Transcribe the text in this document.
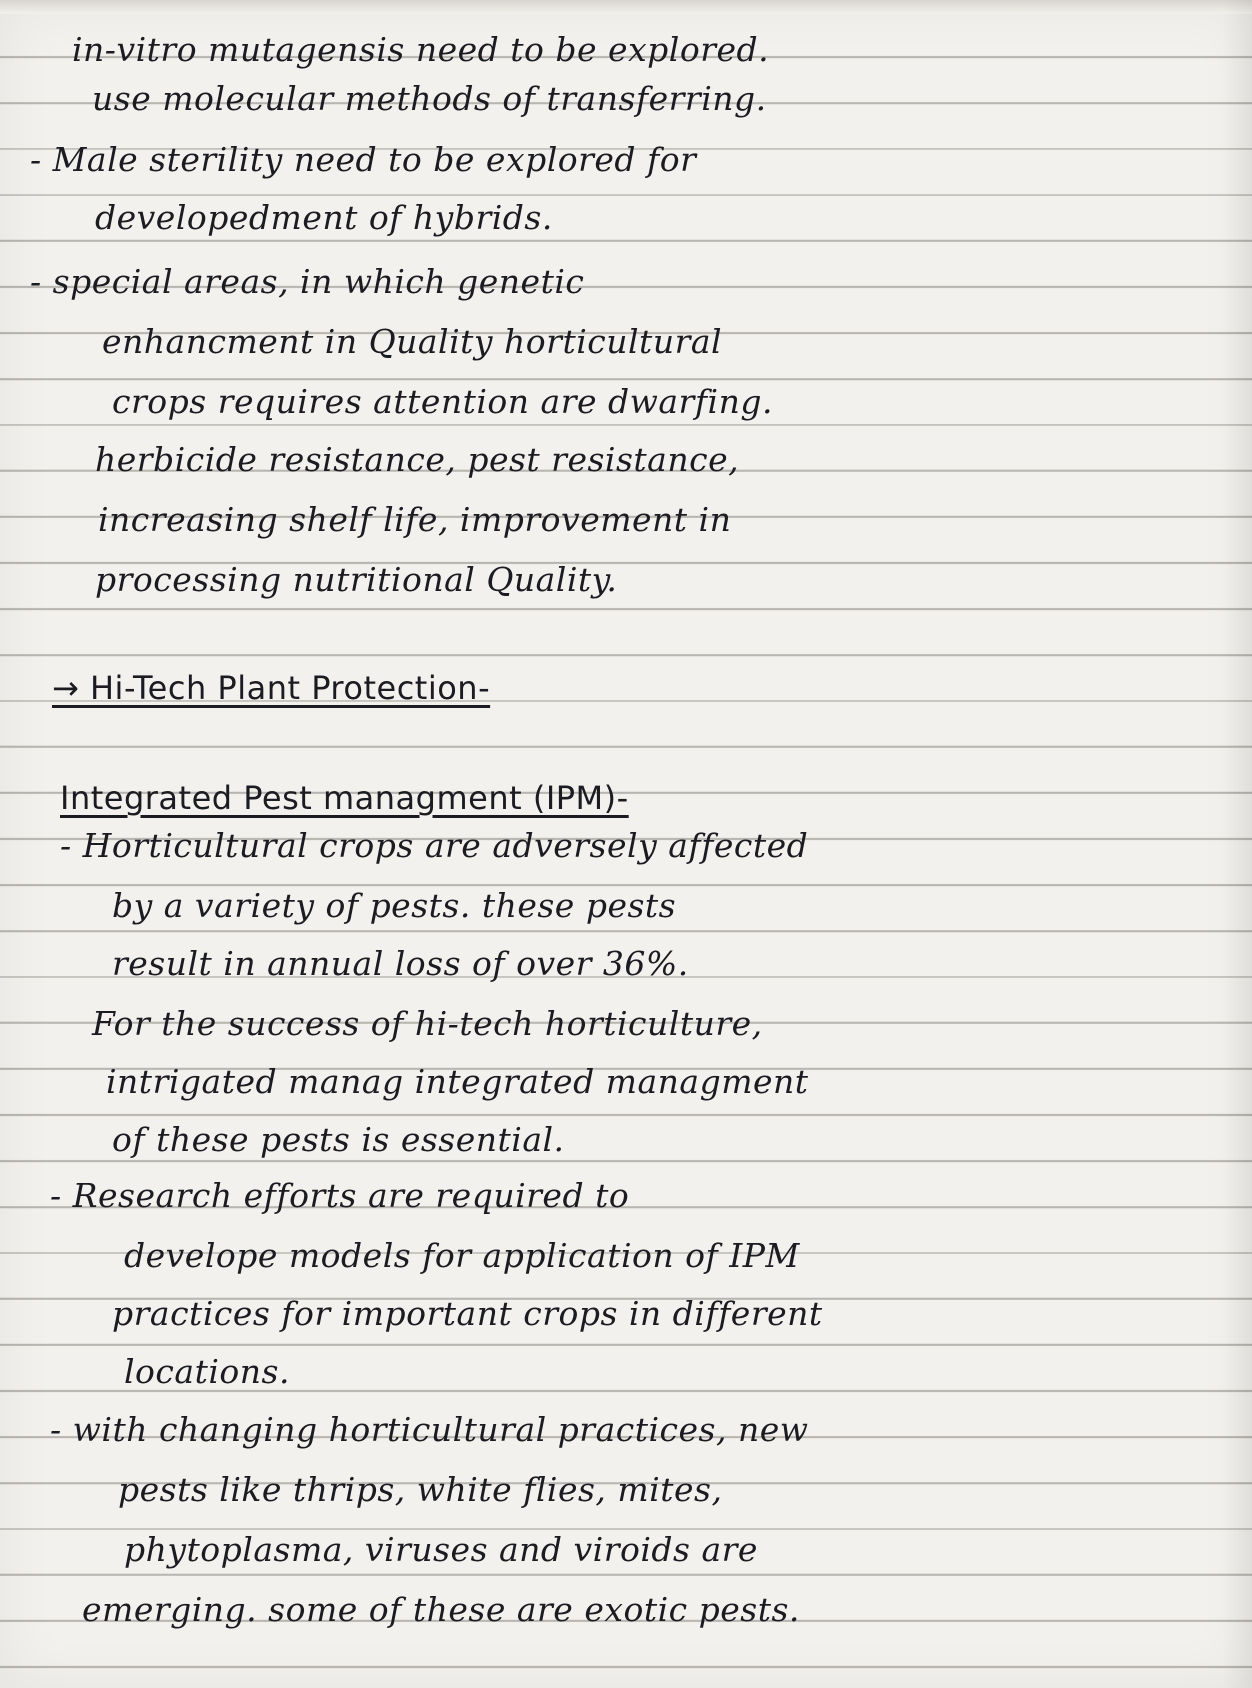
in-vitro mutagensis need to be explored.
use molecular methods of transferring.
- Male sterility need to be explored for
developedment of hybrids.
- special areas, in which genetic
enhancment in Quality horticultural
crops requires attention are dwarfing.
herbicide resistance, pest resistance,
increasing shelf life, improvement in
processing nutritional Quality.
→ Hi-Tech Plant Protection-
Integrated Pest managment (IPM)-
- Horticultural crops are adversely affected
by a variety of pests. these pests
result in annual loss of over 36%.
For the success of hi-tech horticulture,
intrigated manag integrated managment
of these pests is essential.
- Research efforts are required to
develope models for application of IPM
practices for important crops in different
locations.
- with changing horticultural practices, new
pests like thrips, white flies, mites,
phytoplasma, viruses and viroids are
emerging. some of these are exotic pests.
